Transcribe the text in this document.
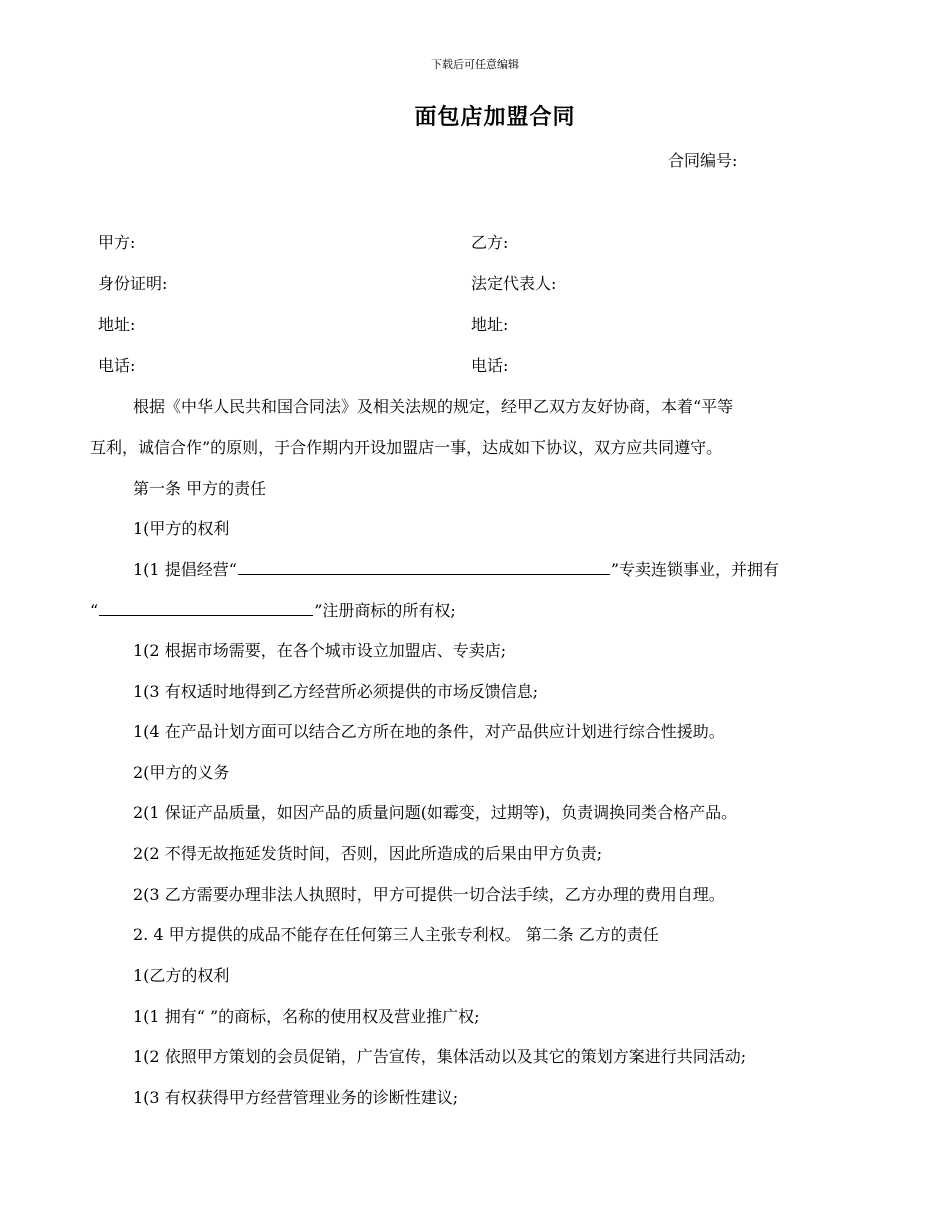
下载后可任意编辑
面包店加盟合同
合同编号:
甲方:
身份证明:
地址:
电话:
乙方:
法定代表人:
地址:
电话:
根据《中华人民共和国合同法》及相关法规的规定，经甲乙双方友好协商，本着“平等
互利，诚信合作”的原则，于合作期内开设加盟店一事，达成如下协议，双方应共同遵守。
第一条 甲方的责任
1(甲方的权利
1(1 提倡经营“	”专卖连锁事业，并拥有
“	”注册商标的所有权;
1(2 根据市场需要，在各个城市设立加盟店、专卖店;
1(3 有权适时地得到乙方经营所必须提供的市场反馈信息;
1(4 在产品计划方面可以结合乙方所在地的条件，对产品供应计划进行综合性援助。
2(甲方的义务
2(1 保证产品质量，如因产品的质量问题(如霉变，过期等)，负责调换同类合格产品。
2(2 不得无故拖延发货时间，否则，因此所造成的后果由甲方负责;
2(3 乙方需要办理非法人执照时，甲方可提供一切合法手续，乙方办理的费用自理。
2. 4 甲方提供的成品不能存在任何第三人主张专利权。 第二条 乙方的责任
1(乙方的权利
1(1 拥有“ ”的商标，名称的使用权及营业推广权;
1(2 依照甲方策划的会员促销，广告宣传，集体活动以及其它的策划方案进行共同活动;
1(3 有权获得甲方经营管理业务的诊断性建议;
